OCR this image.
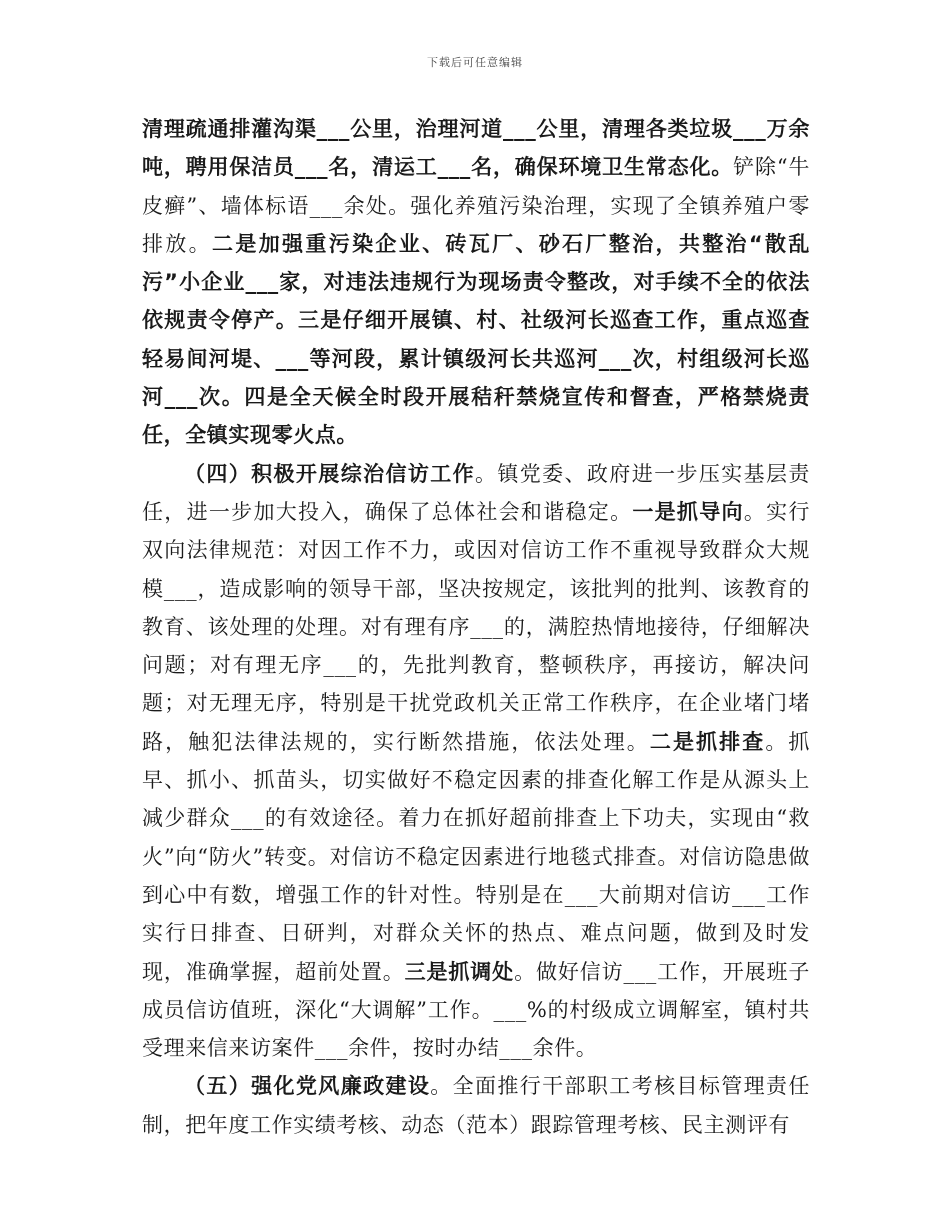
下载后可任意编辑

清理疏通排灌沟渠___公里，治理河道___公里，清理各类垃圾___万余吨，聘用保洁员___名，清运工___名，确保环境卫生常态化。铲除“牛皮癣”、墙体标语___余处。强化养殖污染治理，实现了全镇养殖户零排放。二是加强重污染企业、砖瓦厂、砂石厂整治，共整治“散乱污”小企业___家，对违法违规行为现场责令整改，对手续不全的依法依规责令停产。三是仔细开展镇、村、社级河长巡查工作，重点巡查轻易间河堤、___等河段，累计镇级河长共巡河___次，村组级河长巡河___次。四是全天候全时段开展秸秆禁烧宣传和督查，严格禁烧责任，全镇实现零火点。

（四）积极开展综治信访工作。镇党委、政府进一步压实基层责任，进一步加大投入，确保了总体社会和谐稳定。一是抓导向。实行双向法律规范：对因工作不力，或因对信访工作不重视导致群众大规模___，造成影响的领导干部，坚决按规定，该批判的批判、该教育的教育、该处理的处理。对有理有序___的，满腔热情地接待，仔细解决问题；对有理无序___的，先批判教育，整顿秩序，再接访，解决问题；对无理无序，特别是干扰党政机关正常工作秩序，在企业堵门堵路，触犯法律法规的，实行断然措施，依法处理。二是抓排查。抓早、抓小、抓苗头，切实做好不稳定因素的排查化解工作是从源头上减少群众___的有效途径。着力在抓好超前排查上下功夫，实现由“救火”向“防火”转变。对信访不稳定因素进行地毯式排查。对信访隐患做到心中有数，增强工作的针对性。特别是在___大前期对信访___工作实行日排查、日研判，对群众关怀的热点、难点问题，做到及时发现，准确掌握，超前处置。三是抓调处。做好信访___工作，开展班子成员信访值班，深化“大调解”工作。___%的村级成立调解室，镇村共受理来信来访案件___余件，按时办结___余件。

（五）强化党风廉政建设。全面推行干部职工考核目标管理责任制，把年度工作实绩考核、动态（范本）跟踪管理考核、民主测评有
